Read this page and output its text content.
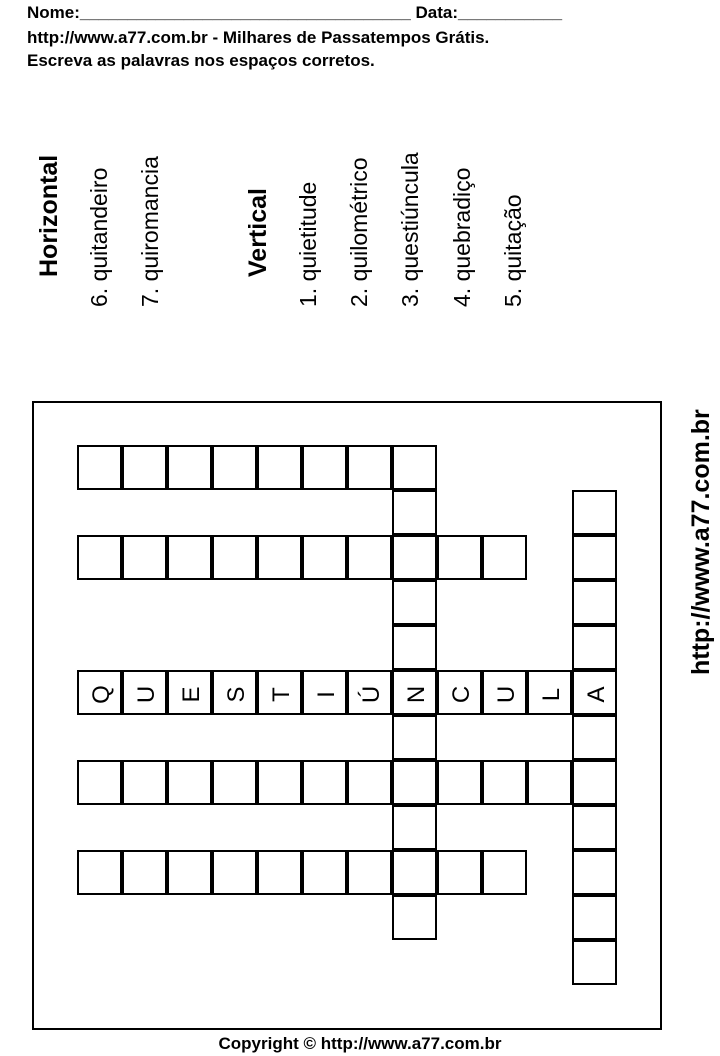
Nome:___________________________________ Data:___________
http://www.a77.com.br - Milhares de Passatempos Grátis.
Escreva as palavras nos espaços corretos.
Horizontal 6. quitandeiro 7. quiromancia	Vertical 1. quietitude 2. quilométrico 3. questiúncula 4. quebradiço 5. quitação
http://www.a77.com.br
Q U E S T I Ú N C U L A
Copyright © http://www.a77.com.br
